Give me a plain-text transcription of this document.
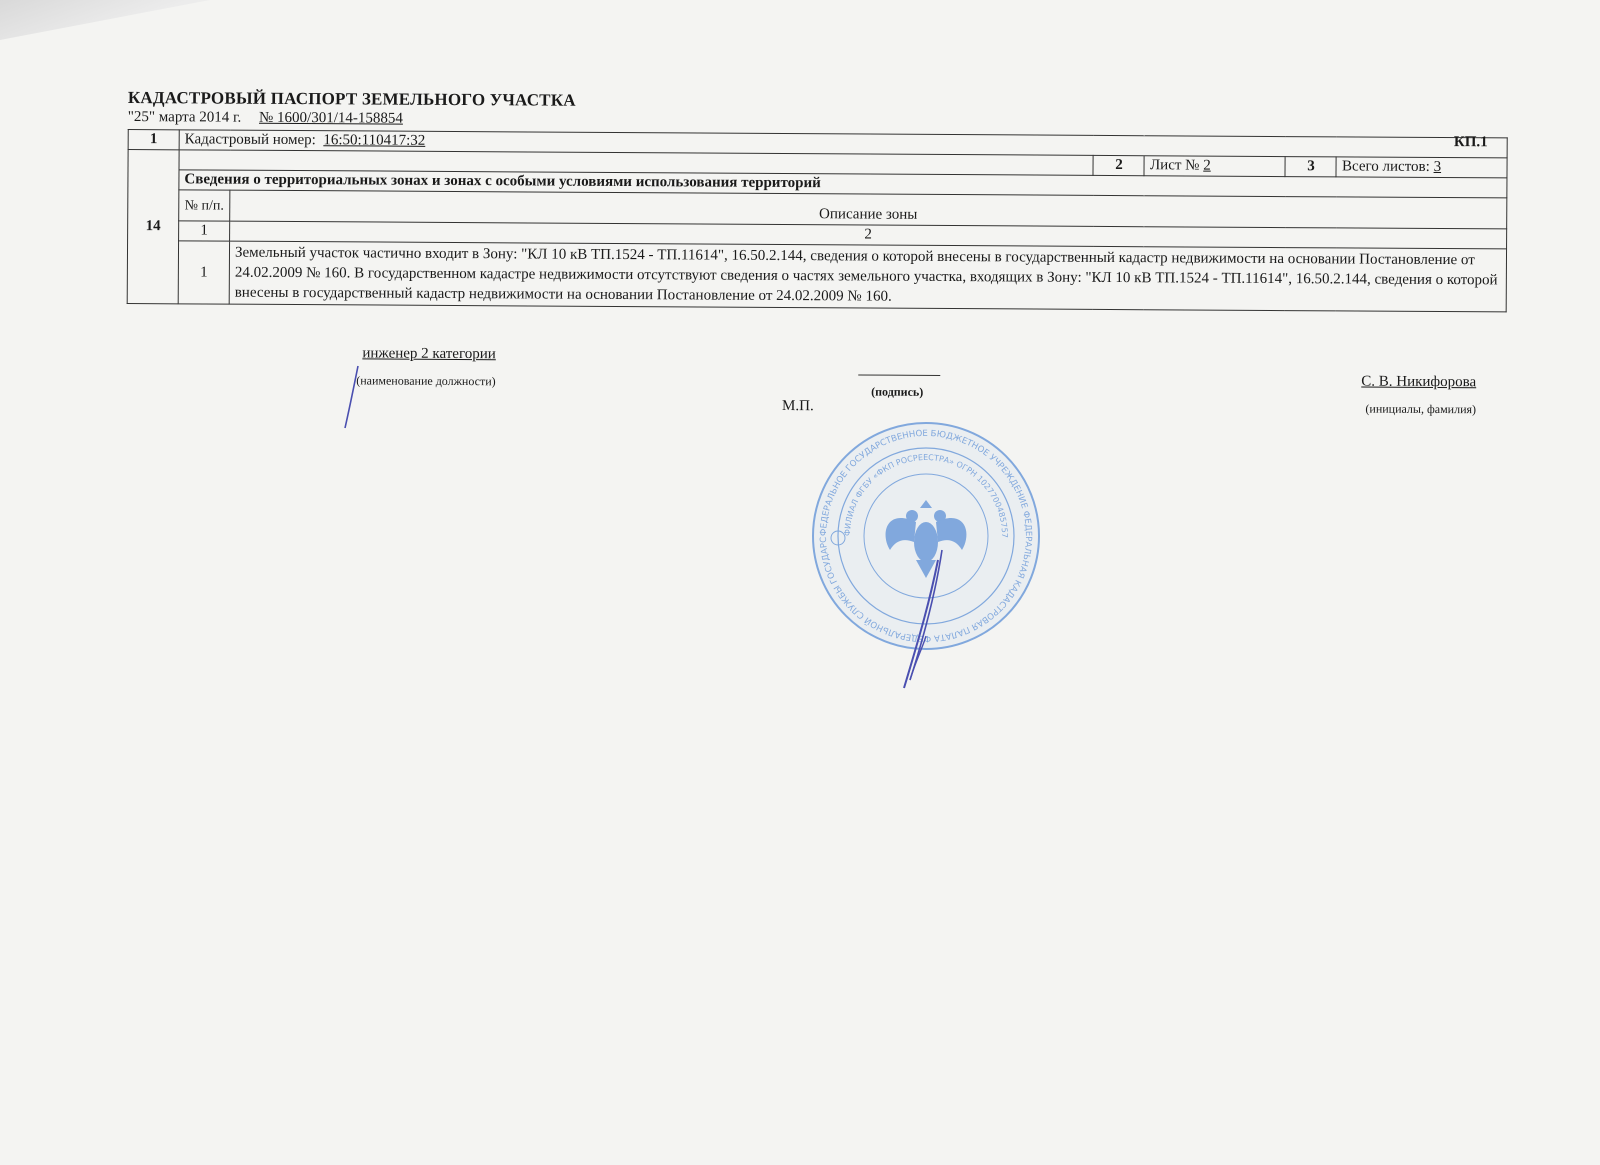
КАДАСТРОВЫЙ ПАСПОРТ ЗЕМЕЛЬНОГО УЧАСТКА
"25" марта 2014 г. № 1600/301/14-158854
КП.1
1	Кадастровый номер: 16:50:110417:32					
14			2	Лист № 2	3	Всего листов: 3
	Сведения о территориальных зонах и зонах с особыми условиями использования территорий					
	№ п/п.	Описание зоны				
	1	2				
	1	Земельный участок частично входит в Зону: "КЛ 10 кВ ТП.1524 - ТП.11614", 16.50.2.144, сведения о которой внесены в государственный кадастр недвижимости на основании Постановление от 24.02.2009 № 160. В государственном кадастре недвижимости отсутствуют сведения о частях земельного участка, входящих в Зону: "КЛ 10 кВ ТП.1524 - ТП.11614", 16.50.2.144, сведения о которой внесены в государственный кадастр недвижимости на основании Постановление от 24.02.2009 № 160.				
инженер 2 категории
(наименование должности)
(подпись)
М.П.
С. В. Никифорова
(инициалы, фамилия)
ФЕДЕРАЛЬНОЕ ГОСУДАРСТВЕННОЕ БЮДЖЕТНОЕ УЧРЕЖДЕНИЕ ФЕДЕРАЛЬНАЯ КАДАСТРОВАЯ ПАЛАТА ФЕДЕРАЛЬНОЙ СЛУЖБЫ ГОСУДАРС
ФИЛИАЛ ФГБУ «ФКП РОСРЕЕСТРА» ОГРН 1027700485757
